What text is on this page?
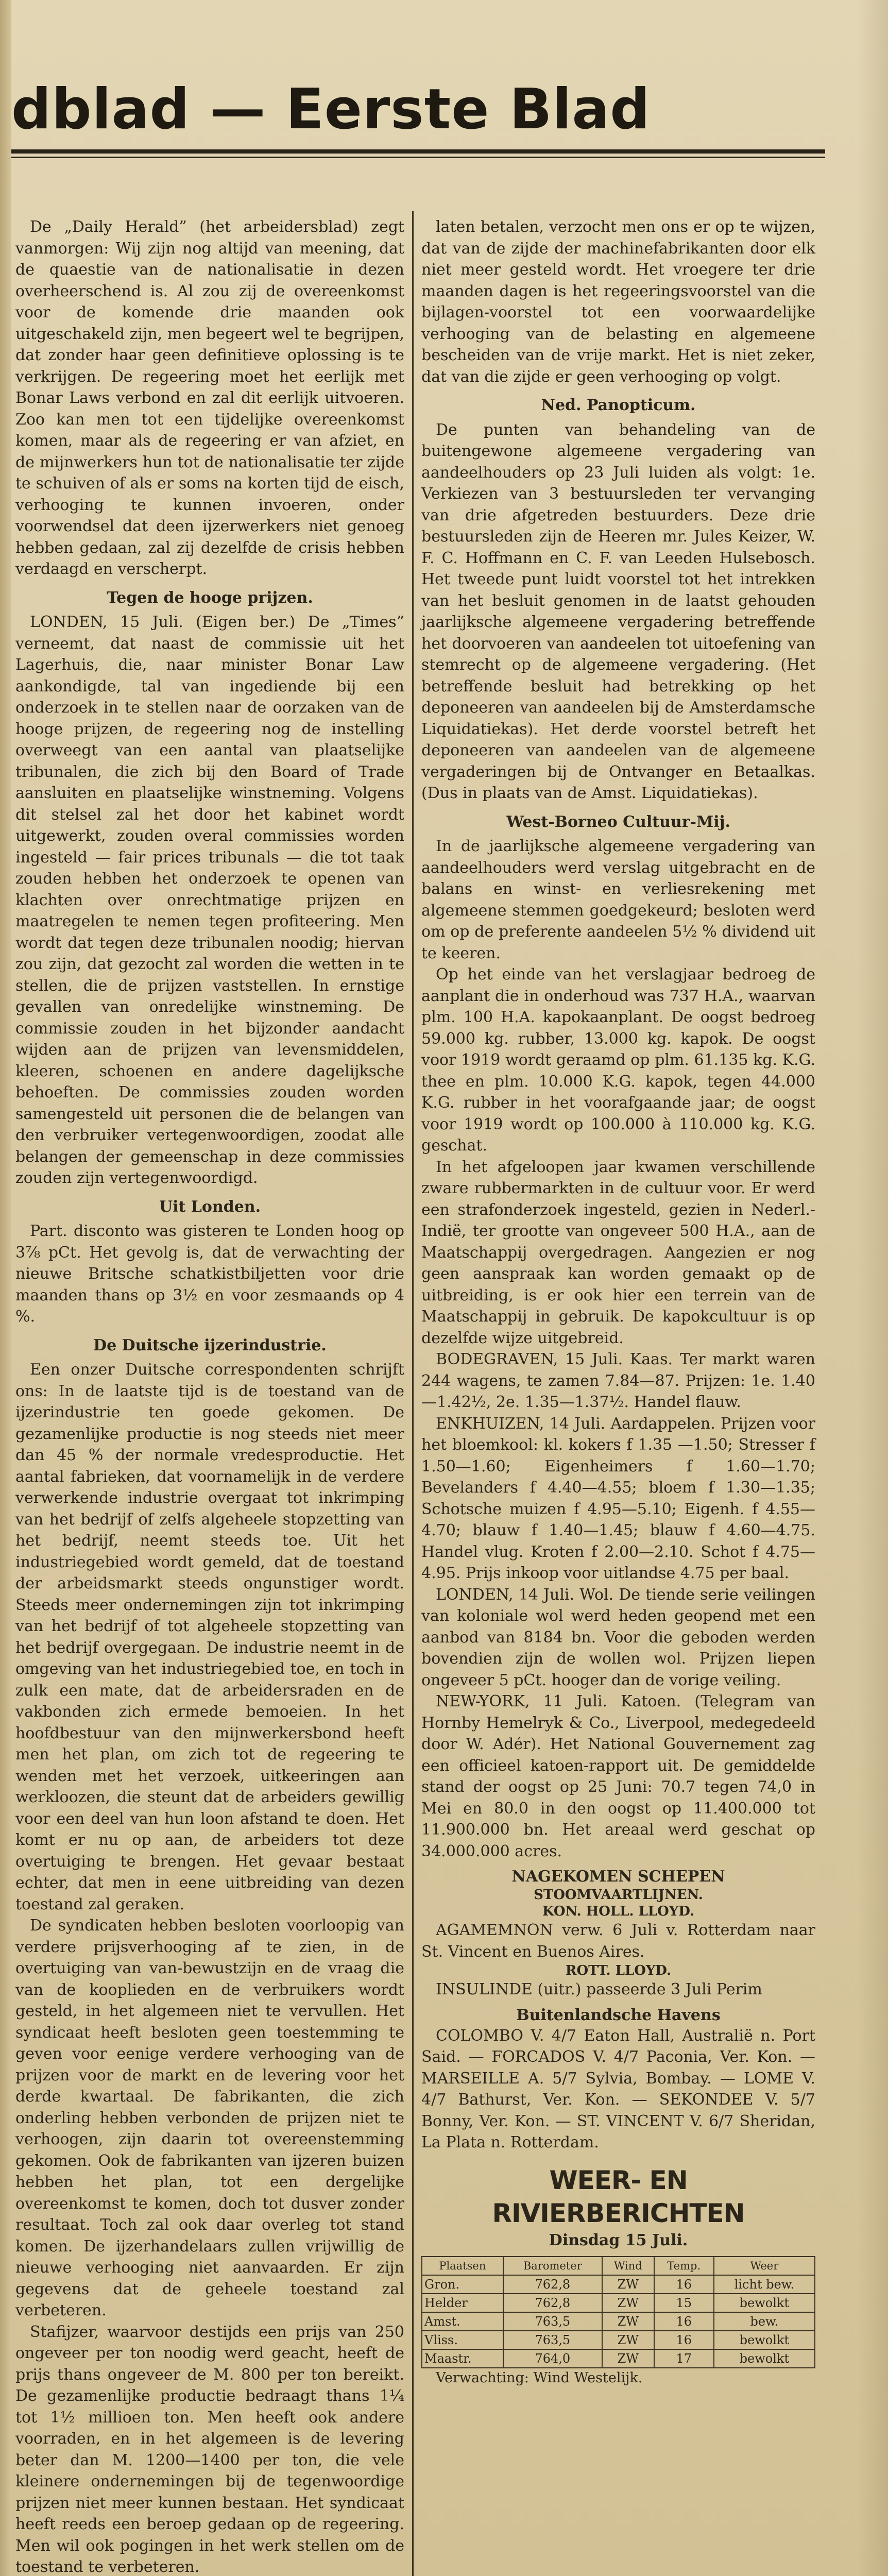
dblad — Eerste Blad

De „Daily Herald” (het arbeidersblad) zegt vanmorgen: Wij zijn nog altijd van meening, dat de quaestie van de nationalisatie in dezen overheerschend is. Al zou zij de overeenkomst voor de komende drie maanden ook uitgeschakeld zijn, men begeert wel te begrijpen, dat zonder haar geen definitieve oplossing is te verkrijgen. De regeering moet het eerlijk met Bonar Laws verbond en zal dit eerlijk uitvoeren. Zoo kan men tot een tijdelijke overeenkomst komen, maar als de regeering er van afziet, en de mijnwerkers hun tot de nationalisatie ter zijde te schuiven of als er soms na korten tijd de eisch, verhooging te kunnen invoeren, onder voorwendsel dat deen ijzerwerkers niet genoeg hebben gedaan, zal zij dezelfde de crisis hebben verdaagd en verscherpt.

Tegen de hooge prijzen.

LONDEN, 15 Juli. (Eigen ber.) De „Times” verneemt, dat naast de commissie uit het Lagerhuis, die, naar minister Bonar Law aankondigde, tal van ingediende bij een onderzoek in te stellen naar de oorzaken van de hooge prijzen, de regeering nog de instelling overweegt van een aantal van plaatselijke tribunalen, die zich bij den Board of Trade aansluiten en plaatselijke winstneming. Volgens dit stelsel zal het door het kabinet wordt uitgewerkt, zouden overal commissies worden ingesteld — fair prices tribunals — die tot taak zouden hebben het onderzoek te openen van klachten over onrechtmatige prijzen en maatregelen te nemen tegen profiteering. Men wordt dat tegen deze tribunalen noodig; hiervan zou zijn, dat gezocht zal worden die wetten in te stellen, die de prijzen vaststellen. In ernstige gevallen van onredelijke winstneming. De commissie zouden in het bijzonder aandacht wijden aan de prijzen van levensmiddelen, kleeren, schoenen en andere dagelijksche behoeften. De commissies zouden worden samengesteld uit personen die de belangen van den verbruiker vertegenwoordigen, zoodat alle belangen der gemeenschap in deze commissies zouden zijn vertegenwoordigd.

Uit Londen.

Part. disconto was gisteren te Londen hoog op 3⅞ pCt. Het gevolg is, dat de verwachting der nieuwe Britsche schatkistbiljetten voor drie maanden thans op 3½ en voor zesmaands op 4 %.

De Duitsche ijzerindustrie.

Een onzer Duitsche correspondenten schrijft ons: In de laatste tijd is de toestand van de ijzerindustrie ten goede gekomen. De gezamenlijke productie is nog steeds niet meer dan 45 % der normale vredesproductie. Het aantal fabrieken, dat voornamelijk in de verdere verwerkende industrie overgaat tot inkrimping van het bedrijf of zelfs algeheele stopzetting van het bedrijf, neemt steeds toe. Uit het industriegebied wordt gemeld, dat de toestand der arbeidsmarkt steeds ongunstiger wordt. Steeds meer ondernemingen zijn tot inkrimping van het bedrijf of tot algeheele stopzetting van het bedrijf overgegaan. De industrie neemt in de omgeving van het industriegebied toe, en toch in zulk een mate, dat de arbeidersraden en de vakbonden zich ermede bemoeien. In het hoofdbestuur van den mijnwerkersbond heeft men het plan, om zich tot de regeering te wenden met het verzoek, uitkeeringen aan werkloozen, die steunt dat de arbeiders gewillig voor een deel van hun loon afstand te doen. Het komt er nu op aan, de arbeiders tot deze overtuiging te brengen. Het gevaar bestaat echter, dat men in eene uitbreiding van dezen toestand zal geraken.

De syndicaten hebben besloten voorloopig van verdere prijsverhooging af te zien, in de overtuiging van van-bewustzijn en de vraag die van de kooplieden en de verbruikers wordt gesteld, in het algemeen niet te vervullen. Het syndicaat heeft besloten geen toestemming te geven voor eenige verdere verhooging van de prijzen voor de markt en de levering voor het derde kwartaal. De fabrikanten, die zich onderling hebben verbonden de prijzen niet te verhoogen, zijn daarin tot overeenstemming gekomen. Ook de fabrikanten van ijzeren buizen hebben het plan, tot een dergelijke overeenkomst te komen, doch tot dusver zonder resultaat. Toch zal ook daar overleg tot stand komen. De ijzerhandelaars zullen vrijwillig de nieuwe verhooging niet aanvaarden. Er zijn gegevens dat de geheele toestand zal verbeteren.

Stafijzer, waarvoor destijds een prijs van 250 ongeveer per ton noodig werd geacht, heeft de prijs thans ongeveer de M. 800 per ton bereikt. De gezamenlijke productie bedraagt thans 1¼ tot 1½ millioen ton. Men heeft ook andere voorraden, en in het algemeen is de levering beter dan M. 1200—1400 per ton, die vele kleinere ondernemingen bij de tegenwoordige prijzen niet meer kunnen bestaan. Het syndicaat heeft reeds een beroep gedaan op de regeering. Men wil ook pogingen in het werk stellen om de toestand te verbeteren.

laten betalen, verzocht men ons er op te wijzen, dat van de zijde der machinefabrikanten door elk niet meer gesteld wordt. Het vroegere ter drie maanden dagen is het regeeringsvoorstel van die bijlagen-voorstel tot een voorwaardelijke verhooging van de belasting en algemeene bescheiden van de vrije markt. Het is niet zeker, dat van die zijde er geen verhooging op volgt.

Ned. Panopticum.

De punten van behandeling van de buitengewone algemeene vergadering van aandeelhouders op 23 Juli luiden als volgt: 1e. Verkiezen van 3 bestuursleden ter vervanging van drie afgetreden bestuurders. Deze drie bestuursleden zijn de Heeren mr. Jules Keizer, W. F. C. Hoffmann en C. F. van Leeden Hulsebosch. Het tweede punt luidt voorstel tot het intrekken van het besluit genomen in de laatst gehouden jaarlijksche algemeene vergadering betreffende het doorvoeren van aandeelen tot uitoefening van stemrecht op de algemeene vergadering. (Het betreffende besluit had betrekking op het deponeeren van aandeelen bij de Amsterdamsche Liquidatiekas). Het derde voorstel betreft het deponeeren van aandeelen van de algemeene vergaderingen bij de Ontvanger en Betaalkas. (Dus in plaats van de Amst. Liquidatiekas).

West-Borneo Cultuur-Mij.

In de jaarlijksche algemeene vergadering van aandeelhouders werd verslag uitgebracht en de balans en winst- en verliesrekening met algemeene stemmen goedgekeurd; besloten werd om op de preferente aandeelen 5½ % dividend uit te keeren.

Op het einde van het verslagjaar bedroeg de aanplant die in onderhoud was 737 H.A., waarvan plm. 100 H.A. kapokaanplant. De oogst bedroeg 59.000 kg. rubber, 13.000 kg. kapok. De oogst voor 1919 wordt geraamd op plm. 61.135 kg. K.G. thee en plm. 10.000 K.G. kapok, tegen 44.000 K.G. rubber in het voorafgaande jaar; de oogst voor 1919 wordt op 100.000 à 110.000 kg. K.G. geschat.

In het afgeloopen jaar kwamen verschillende zware rubbermarkten in de cultuur voor. Er werd een strafonderzoek ingesteld, gezien in Nederl.-Indië, ter grootte van ongeveer 500 H.A., aan de Maatschappij overgedragen. Aangezien er nog geen aanspraak kan worden gemaakt op de uitbreiding, is er ook hier een terrein van de Maatschappij in gebruik. De kapokcultuur is op dezelfde wijze uitgebreid.

BODEGRAVEN, 15 Juli. Kaas. Ter markt waren 244 wagens, te zamen 7.84—87. Prijzen: 1e. 1.40—1.42½, 2e. 1.35—1.37½. Handel flauw.

ENKHUIZEN, 14 Juli. Aardappelen. Prijzen voor het bloemkool: kl. kokers f 1.35 —1.50; Stresser f 1.50—1.60; Eigenheimers f 1.60—1.70; Bevelanders f 4.40—4.55; bloem f 1.30—1.35; Schotsche muizen f 4.95—5.10; Eigenh. f 4.55—4.70; blauw f 1.40—1.45; blauw f 4.60—4.75. Handel vlug. Kroten f 2.00—2.10. Schot f 4.75—4.95. Prijs inkoop voor uitlandse 4.75 per baal.

LONDEN, 14 Juli. Wol. De tiende serie veilingen van koloniale wol werd heden geopend met een aanbod van 8184 bn. Voor die geboden werden bovendien zijn de wollen wol. Prijzen liepen ongeveer 5 pCt. hooger dan de vorige veiling.

NEW-YORK, 11 Juli. Katoen. (Telegram van Hornby Hemelryk & Co., Liverpool, medegedeeld door W. Adér). Het National Gouvernement zag een officieel katoen-rapport uit. De gemiddelde stand der oogst op 25 Juni: 70.7 tegen 74,0 in Mei en 80.0 in den oogst op 11.400.000 tot 11.900.000 bn. Het areaal werd geschat op 34.000.000 acres.

NAGEKOMEN SCHEPEN
STOOMVAARTLIJNEN.
KON. HOLL. LLOYD.

AGAMEMNON verw. 6 Juli v. Rotterdam naar St. Vincent en Buenos Aires.

ROTT. LLOYD.

INSULINDE (uitr.) passeerde 3 Juli Perim

Buitenlandsche Havens

COLOMBO V. 4/7 Eaton Hall, Australië n. Port Said. — FORCADOS V. 4/7 Paconia, Ver. Kon. — MARSEILLE A. 5/7 Sylvia, Bombay. — LOME V. 4/7 Bathurst, Ver. Kon. — SEKONDEE V. 5/7 Bonny, Ver. Kon. — ST. VINCENT V. 6/7 Sheridan, La Plata n. Rotterdam.

WEER- EN RIVIERBERICHTEN
Dinsdag 15 Juli.
Plaatsen	Barometer	Wind	Temp.	Weer
Gron.	762,8	ZW	16	licht bew.
Helder	762,8	ZW	15	bewolkt
Amst.	763,5	ZW	16	bew.
Vliss.	763,5	ZW	16	bewolkt
Maastr.	764,0	ZW	17	bewolkt

Verwachting: Wind Westelijk.
